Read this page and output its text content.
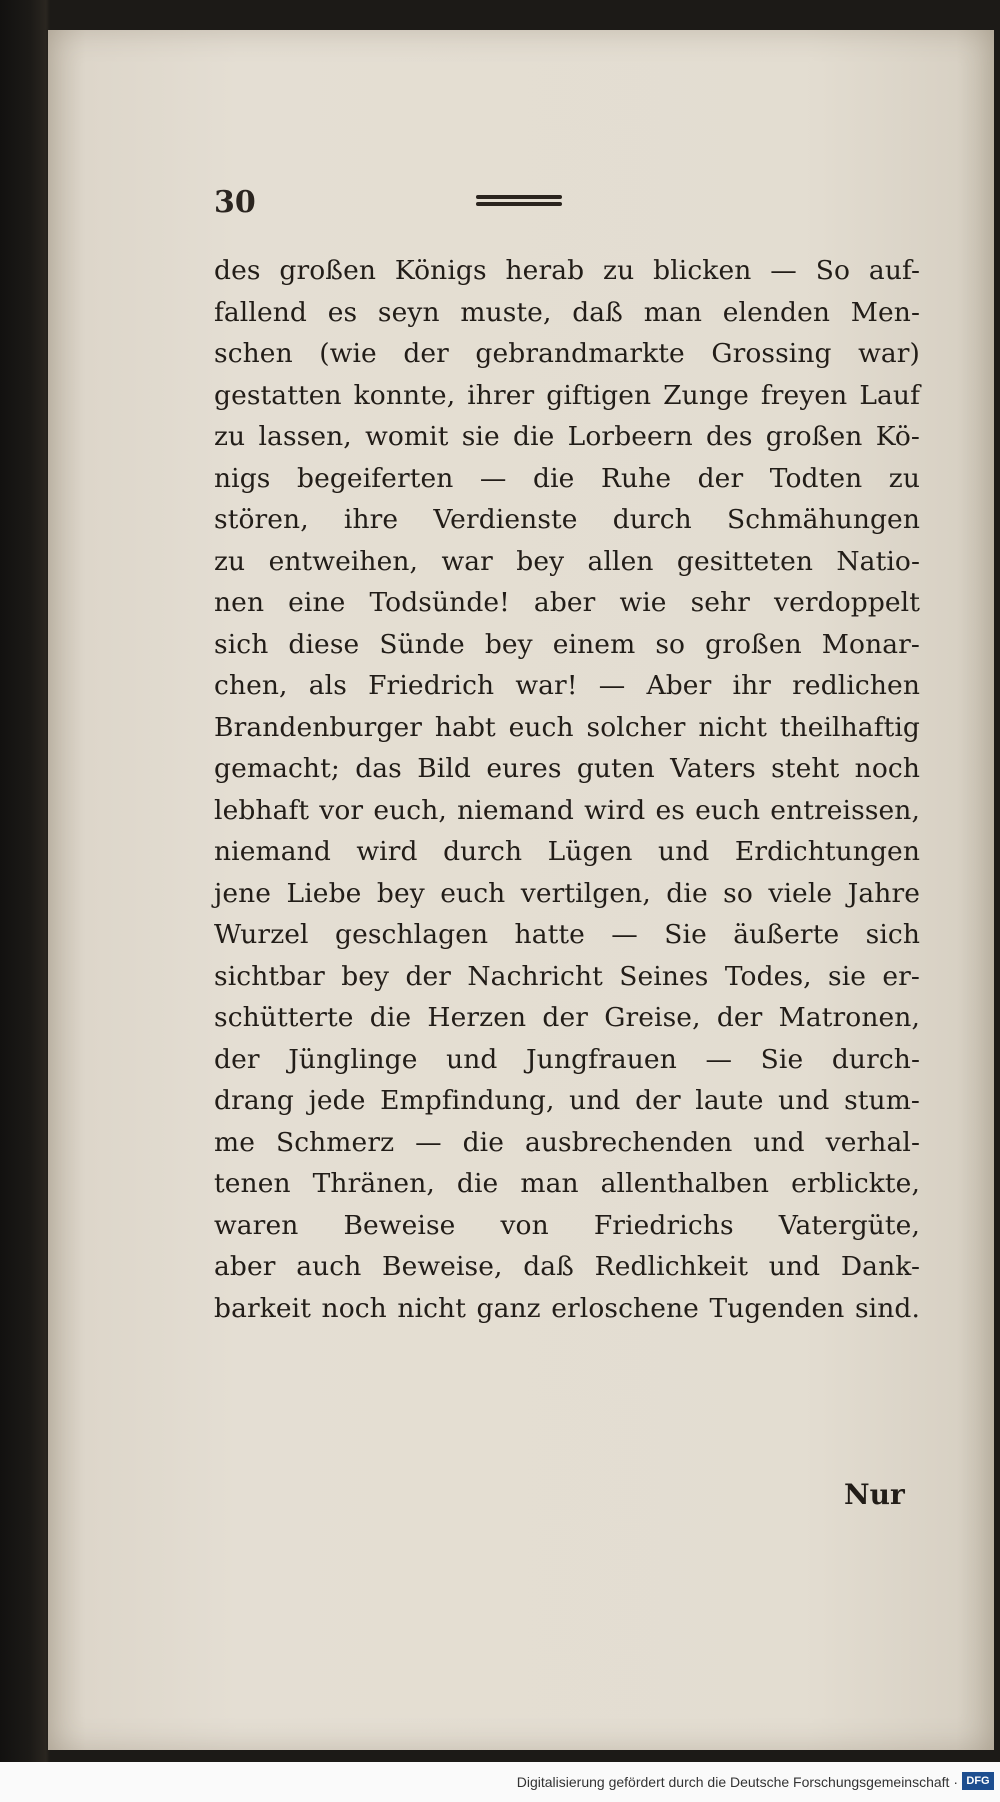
30
des großen Königs herab zu blicken — So auf-
fallend es seyn muste, daß man elenden Men-
schen (wie der gebrandmarkte Grossing war)
gestatten konnte, ihrer giftigen Zunge freyen Lauf
zu lassen, womit sie die Lorbeern des großen Kö-
nigs begeiferten — die Ruhe der Todten zu
stören, ihre Verdienste durch Schmähungen
zu entweihen, war bey allen gesitteten Natio-
nen eine Todsünde! aber wie sehr verdoppelt
sich diese Sünde bey einem so großen Monar-
chen, als Friedrich war! — Aber ihr redlichen
Brandenburger habt euch solcher nicht theilhaftig
gemacht; das Bild eures guten Vaters steht noch
lebhaft vor euch, niemand wird es euch entreissen,
niemand wird durch Lügen und Erdichtungen
jene Liebe bey euch vertilgen, die so viele Jahre
Wurzel geschlagen hatte — Sie äußerte sich
sichtbar bey der Nachricht Seines Todes, sie er-
schütterte die Herzen der Greise, der Matronen,
der Jünglinge und Jungfrauen — Sie durch-
drang jede Empfindung, und der laute und stum-
me Schmerz — die ausbrechenden und verhal-
tenen Thränen, die man allenthalben erblickte,
waren Beweise von Friedrichs Vatergüte,
aber auch Beweise, daß Redlichkeit und Dank-
barkeit noch nicht ganz erloschene Tugenden sind.
Nur
Digitalisierung gefördert durch die Deutsche Forschungsgemeinschaft · DFG
